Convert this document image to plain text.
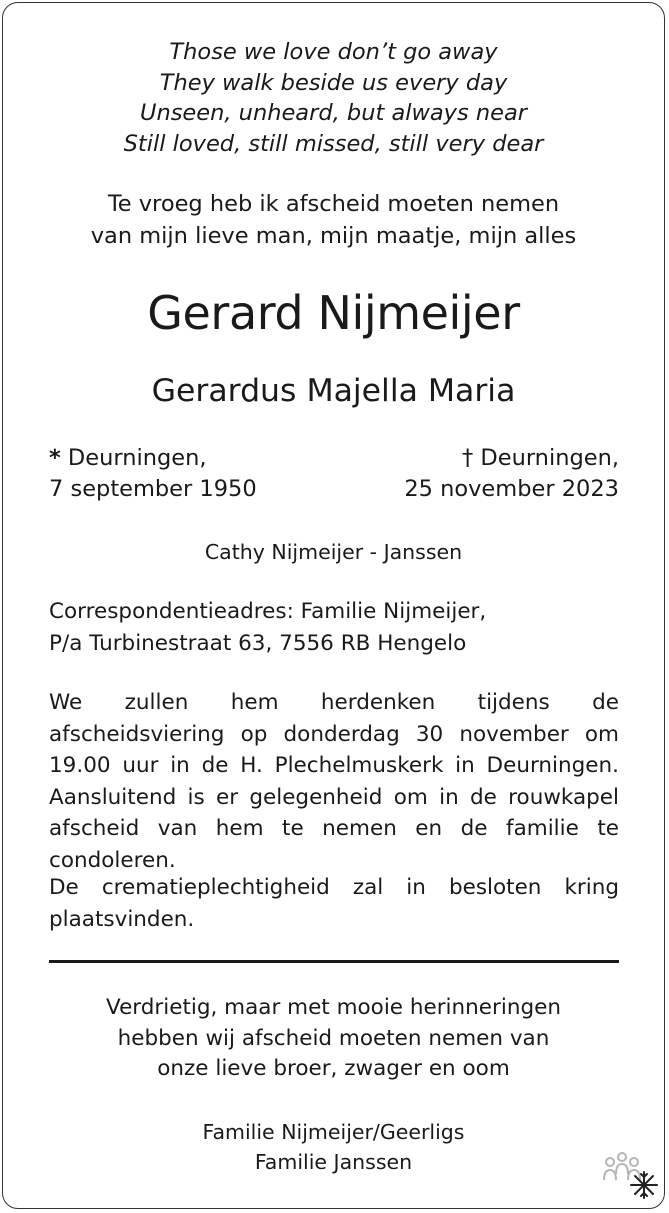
Those we love don’t go away
They walk beside us every day
Unseen, unheard, but always near
Still loved, still missed, still very dear
Te vroeg heb ik afscheid moeten nemen
van mijn lieve man, mijn maatje, mijn alles
Gerard Nijmeijer
Gerardus Majella Maria
* Deurningen,
7 september 1950
† Deurningen,
25 november 2023
Cathy Nijmeijer - Janssen
Correspondentieadres: Familie Nijmeijer,
P/a Turbinestraat 63, 7556 RB Hengelo
We zullen hem herdenken tijdens de afscheidsviering op donderdag 30 november om 19.00 uur in de H. Plechelmuskerk in Deurningen. Aansluitend is er gelegenheid om in de rouwkapel afscheid van hem te nemen en de familie te condoleren.
De crematieplechtigheid zal in besloten kring plaatsvinden.
Verdrietig, maar met mooie herinneringen
hebben wij afscheid moeten nemen van
onze lieve broer, zwager en oom
Familie Nijmeijer/Geerligs
Familie Janssen
